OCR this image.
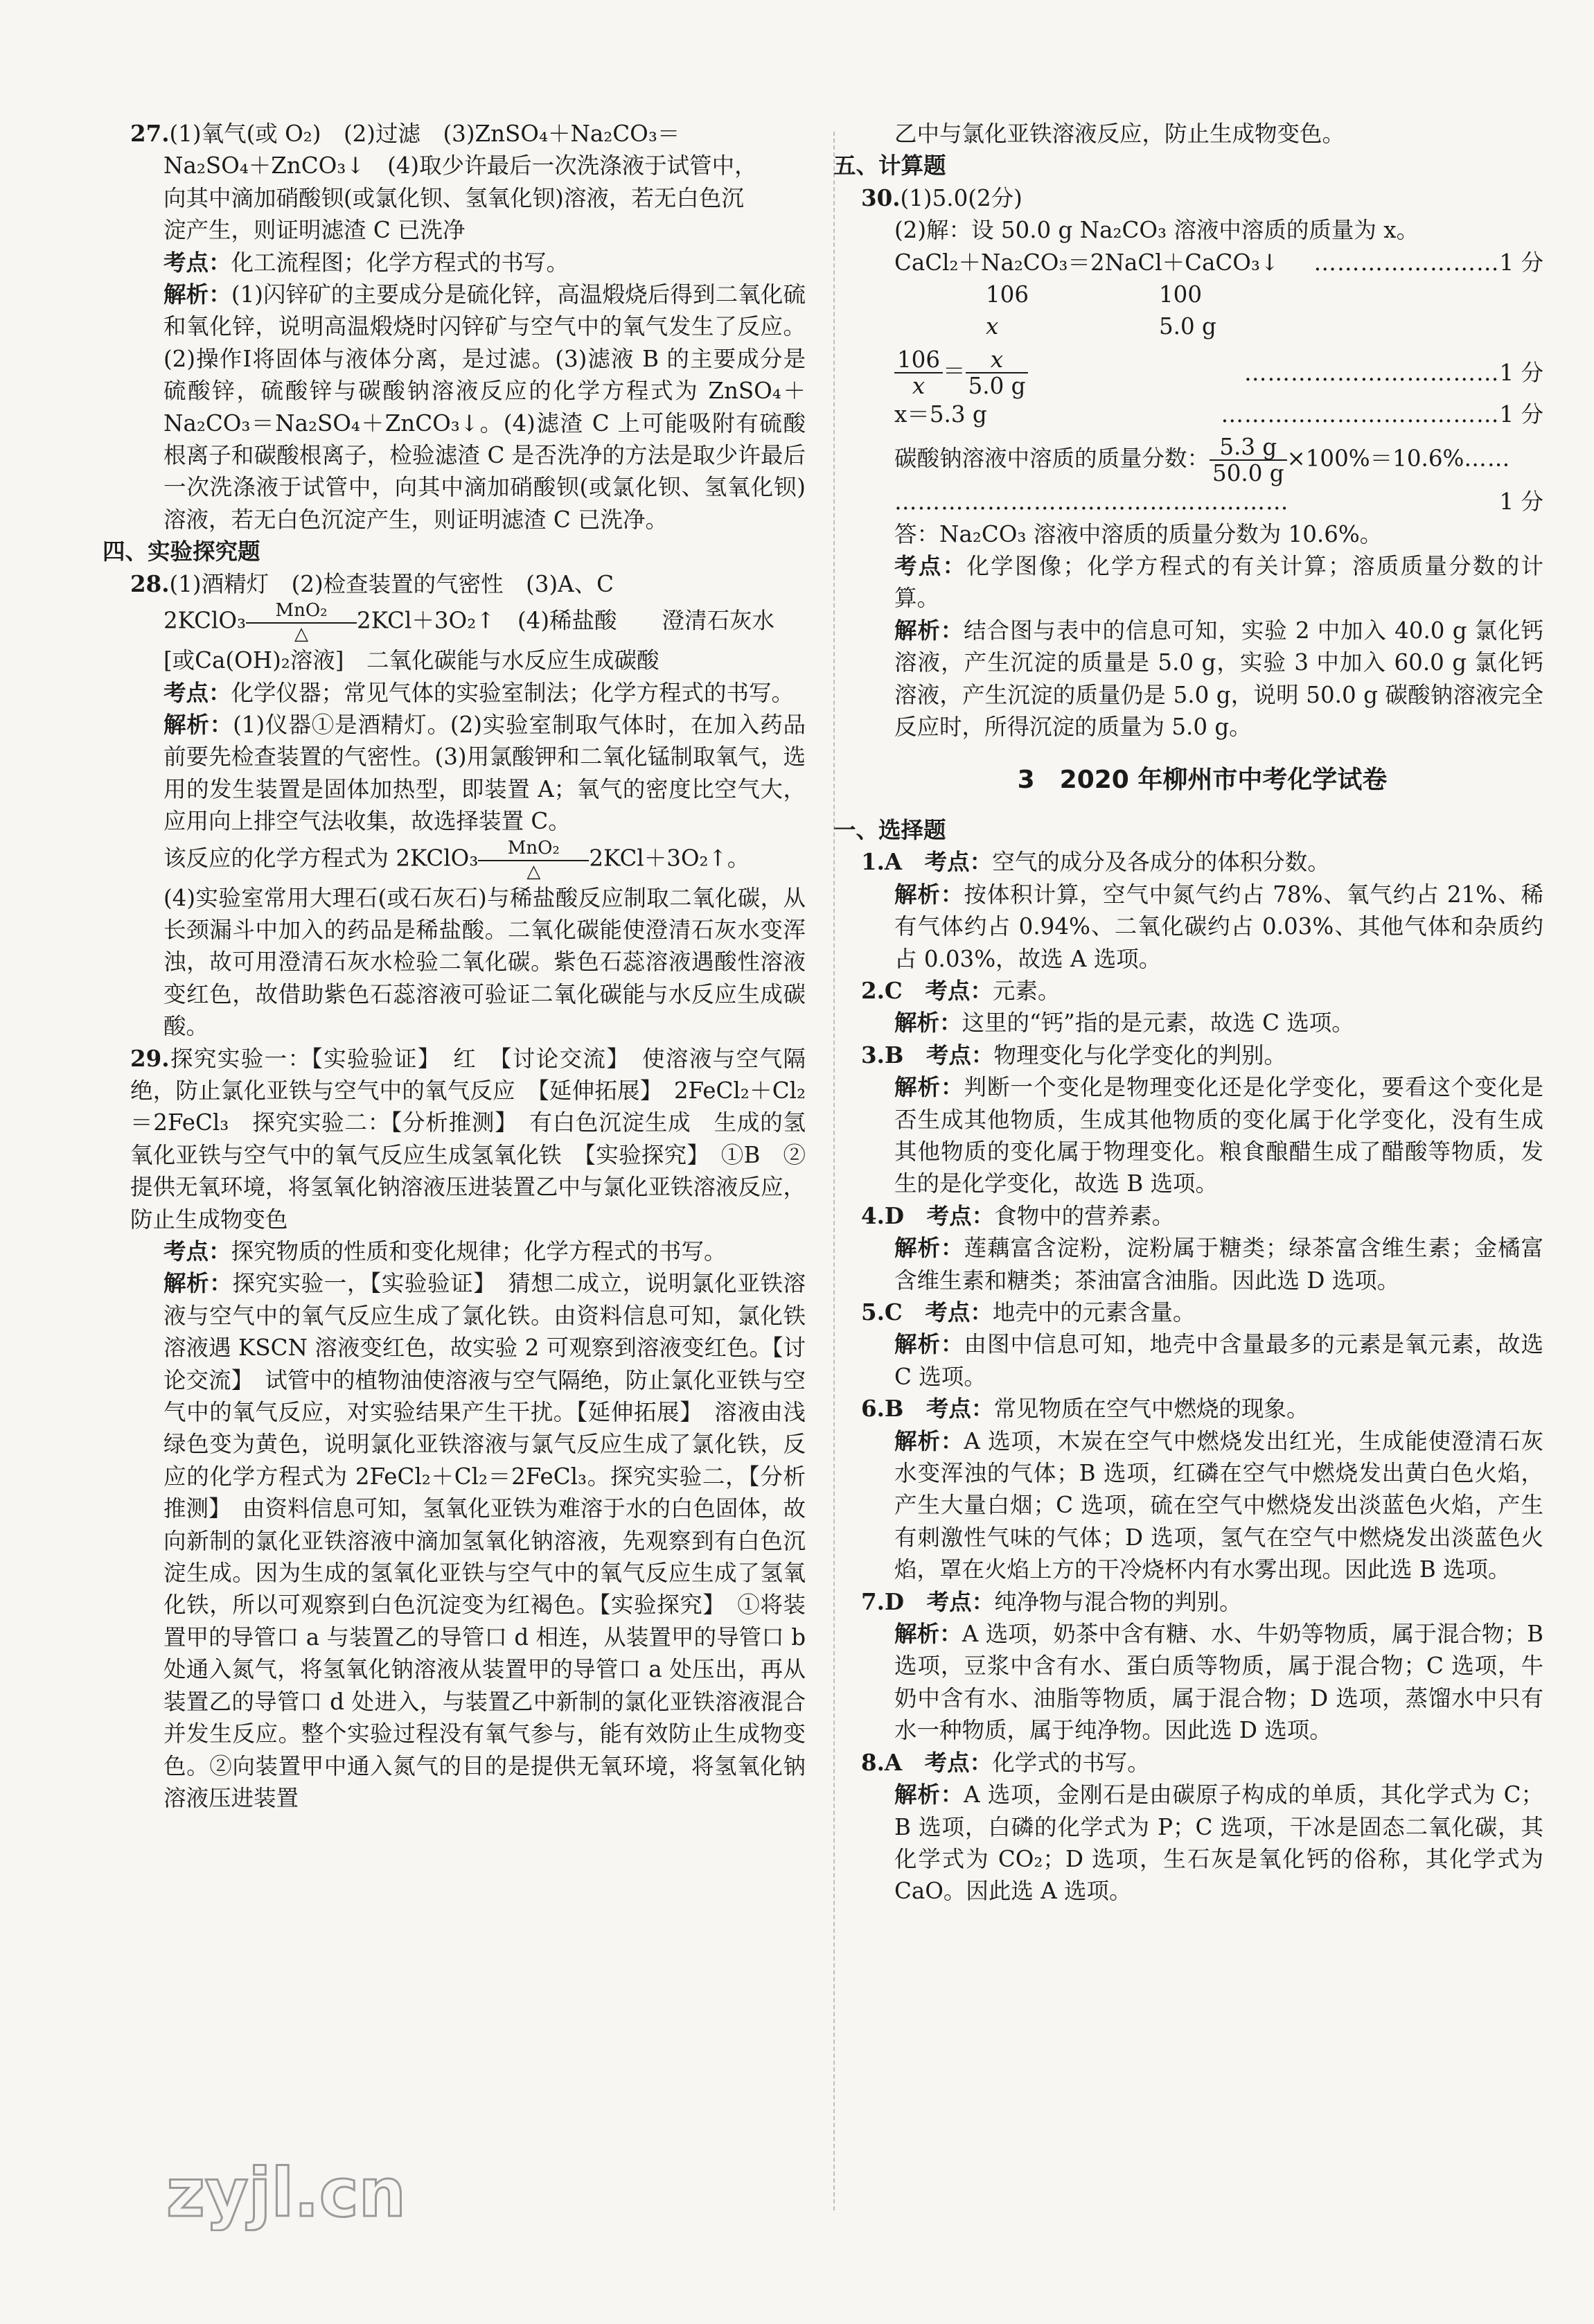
27.(1)氧气(或 O₂)　(2)过滤　(3)ZnSO₄＋Na₂CO₃＝
Na₂SO₄＋ZnCO₃↓　(4)取少许最后一次洗涤液于试管中，
向其中滴加硝酸钡(或氯化钡、氢氧化钡)溶液，若无白色沉
淀产生，则证明滤渣 C 已洗净

考点：化工流程图；化学方程式的书写。

解析：(1)闪锌矿的主要成分是硫化锌，高温煅烧后得到二氧化硫和氧化锌，说明高温煅烧时闪锌矿与空气中的氧气发生了反应。(2)操作Ⅰ将固体与液体分离，是过滤。(3)滤液 B 的主要成分是硫酸锌，硫酸锌与碳酸钠溶液反应的化学方程式为 ZnSO₄＋Na₂CO₃＝Na₂SO₄＋ZnCO₃↓。(4)滤渣 C 上可能吸附有硫酸根离子和碳酸根离子，检验滤渣 C 是否洗净的方法是取少许最后一次洗涤液于试管中，向其中滴加硝酸钡(或氯化钡、氢氧化钡)溶液，若无白色沉淀产生，则证明滤渣 C 已洗净。

四、实验探究题

28.(1)酒精灯　(2)检查装置的气密性　(3)A、C

2KClO₃	MnO₂
△
2KCl＋3O₂↑　(4)稀盐酸　　澄清石灰水

[或Ca(OH)₂溶液]　二氧化碳能与水反应生成碳酸

考点：化学仪器；常见气体的实验室制法；化学方程式的书写。

解析：(1)仪器①是酒精灯。(2)实验室制取气体时，在加入药品前要先检查装置的气密性。(3)用氯酸钾和二氧化锰制取氧气，选用的发生装置是固体加热型，即装置 A；氧气的密度比空气大，应用向上排空气法收集，故选择装置 C。

该反应的化学方程式为 2KClO₃	MnO₂
△
2KCl＋3O₂↑。

(4)实验室常用大理石(或石灰石)与稀盐酸反应制取二氧化碳，从长颈漏斗中加入的药品是稀盐酸。二氧化碳能使澄清石灰水变浑浊，故可用澄清石灰水检验二氧化碳。紫色石蕊溶液遇酸性溶液变红色，故借助紫色石蕊溶液可验证二氧化碳能与水反应生成碳酸。

29.探究实验一：【实验验证】　红　【讨论交流】　使溶液与空气隔绝，防止氯化亚铁与空气中的氧气反应　【延伸拓展】　2FeCl₂＋Cl₂＝2FeCl₃　探究实验二：【分析推测】　有白色沉淀生成　生成的氢氧化亚铁与空气中的氧气反应生成氢氧化铁　【实验探究】　①B　②提供无氧环境，将氢氧化钠溶液压进装置乙中与氯化亚铁溶液反应，防止生成物变色

考点：探究物质的性质和变化规律；化学方程式的书写。

解析：探究实验一，【实验验证】　猜想二成立，说明氯化亚铁溶液与空气中的氧气反应生成了氯化铁。由资料信息可知，氯化铁溶液遇 KSCN 溶液变红色，故实验 2 可观察到溶液变红色。【讨论交流】　试管中的植物油使溶液与空气隔绝，防止氯化亚铁与空气中的氧气反应，对实验结果产生干扰。【延伸拓展】　溶液由浅绿色变为黄色，说明氯化亚铁溶液与氯气反应生成了氯化铁，反应的化学方程式为 2FeCl₂＋Cl₂＝2FeCl₃。探究实验二，【分析推测】　由资料信息可知，氢氧化亚铁为难溶于水的白色固体，故向新制的氯化亚铁溶液中滴加氢氧化钠溶液，先观察到有白色沉淀生成。因为生成的氢氧化亚铁与空气中的氧气反应生成了氢氧化铁，所以可观察到白色沉淀变为红褐色。【实验探究】　①将装置甲的导管口 a 与装置乙的导管口 d 相连，从装置甲的导管口 b 处通入氮气，将氢氧化钠溶液从装置甲的导管口 a 处压出，再从装置乙的导管口 d 处进入，与装置乙中新制的氯化亚铁溶液混合并发生反应。整个实验过程没有氧气参与，能有效防止生成物变色。②向装置甲中通入氮气的目的是提供无氧环境，将氢氧化钠溶液压进装置

乙中与氯化亚铁溶液反应，防止生成物变色。

五、计算题

30.(1)5.0(2分)

(2)解：设 50.0 g Na₂CO₃ 溶液中溶质的质量为 x。

CaCl₂＋Na₂CO₃＝2NaCl＋CaCO₃↓ ……………………1 分
106	100
x	5.0 g
$\frac{106}{x} = \frac{x}{5.0 g}$	……………………………1 分
x＝5.3 g	………………………………1 分

碳酸钠溶液中溶质的质量分数： $\frac{5.3 g}{50.0 g}$ ×100%＝10.6%……

……………………………………………	1 分

答：Na₂CO₃ 溶液中溶质的质量分数为 10.6%。

考点：化学图像；化学方程式的有关计算；溶质质量分数的计算。

解析：结合图与表中的信息可知，实验 2 中加入 40.0 g 氯化钙溶液，产生沉淀的质量是 5.0 g，实验 3 中加入 60.0 g 氯化钙溶液，产生沉淀的质量仍是 5.0 g，说明 50.0 g 碳酸钠溶液完全反应时，所得沉淀的质量为 5.0 g。

3　2020 年柳州市中考化学试卷

一、选择题

1.A　 考点：空气的成分及各成分的体积分数。

解析：按体积计算，空气中氮气约占 78%、氧气约占 21%、稀有气体约占 0.94%、二氧化碳约占 0.03%、其他气体和杂质约占 0.03%，故选 A 选项。

2.C　 考点：元素。

解析：这里的“钙”指的是元素，故选 C 选项。

3.B　 考点：物理变化与化学变化的判别。

解析：判断一个变化是物理变化还是化学变化，要看这个变化是否生成其他物质，生成其他物质的变化属于化学变化，没有生成其他物质的变化属于物理变化。粮食酿醋生成了醋酸等物质，发生的是化学变化，故选 B 选项。

4.D　 考点：食物中的营养素。

解析：莲藕富含淀粉，淀粉属于糖类；绿茶富含维生素；金橘富含维生素和糖类；茶油富含油脂。因此选 D 选项。

5.C　 考点：地壳中的元素含量。

解析：由图中信息可知，地壳中含量最多的元素是氧元素，故选 C 选项。

6.B　 考点：常见物质在空气中燃烧的现象。

解析：A 选项，木炭在空气中燃烧发出红光，生成能使澄清石灰水变浑浊的气体；B 选项，红磷在空气中燃烧发出黄白色火焰，产生大量白烟；C 选项，硫在空气中燃烧发出淡蓝色火焰，产生有刺激性气味的气体；D 选项，氢气在空气中燃烧发出淡蓝色火焰，罩在火焰上方的干冷烧杯内有水雾出现。因此选 B 选项。

7.D　 考点：纯净物与混合物的判别。

解析：A 选项，奶茶中含有糖、水、牛奶等物质，属于混合物；B 选项，豆浆中含有水、蛋白质等物质，属于混合物；C 选项，牛奶中含有水、油脂等物质，属于混合物；D 选项，蒸馏水中只有水一种物质，属于纯净物。因此选 D 选项。

8.A　 考点：化学式的书写。

解析：A 选项，金刚石是由碳原子构成的单质，其化学式为 C；B 选项，白磷的化学式为 P；C 选项，干冰是固态二氧化碳，其化学式为 CO₂；D 选项，生石灰是氧化钙的俗称，其化学式为 CaO。因此选 A 选项。

zyjl.cn
